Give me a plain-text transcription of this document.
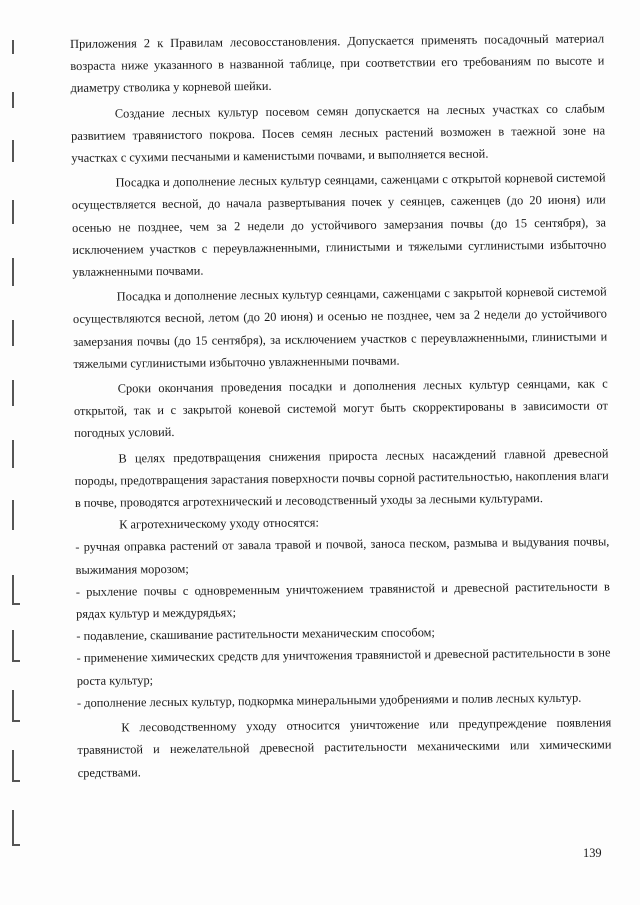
Приложения 2 к Правилам лесовосстановления. Допускается применять посадочный материал возраста ниже указанного в названной таблице, при соответствии его требованиям по высоте и диаметру стволика у корневой шейки.

Создание лесных культур посевом семян допускается на лесных участках со слабым развитием травянистого покрова. Посев семян лесных растений возможен в таежной зоне на участках с сухими песчаными и каменистыми почвами, и выполняется весной.

Посадка и дополнение лесных культур сеянцами, саженцами с открытой корневой системой осуществляется весной, до начала развертывания почек у сеянцев, саженцев (до 20 июня) или осенью не позднее, чем за 2 недели до устойчивого замерзания почвы (до 15 сентября), за исключением участков с переувлажненными, глинистыми и тяжелыми суглинистыми избыточно увлажненными почвами.

Посадка и дополнение лесных культур сеянцами, саженцами с закрытой корневой системой осуществляются весной, летом (до 20 июня) и осенью не позднее, чем за 2 недели до устойчивого замерзания почвы (до 15 сентября), за исключением участков с переувлажненными, глинистыми и тяжелыми суглинистыми избыточно увлажненными почвами.

Сроки окончания проведения посадки и дополнения лесных культур сеянцами, как с открытой, так и с закрытой коневой системой могут быть скорректированы в зависимости от погодных условий.

В целях предотвращения снижения прироста лесных насаждений главной древесной породы, предотвращения зарастания поверхности почвы сорной растительностью, накопления влаги в почве, проводятся агротехнический и лесоводственный уходы за лесными культурами.

К агротехническому уходу относятся:

- ручная оправка растений от завала травой и почвой, заноса песком, размыва и выдувания почвы, выжимания морозом;

- рыхление почвы с одновременным уничтожением травянистой и древесной растительности в рядах культур и междурядьях;

- подавление, скашивание растительности механическим способом;

- применение химических средств для уничтожения травянистой и древесной растительности в зоне роста культур;

- дополнение лесных культур, подкормка минеральными удобрениями и полив лесных культур.

К лесоводственному уходу относится уничтожение или предупреждение появления травянистой и нежелательной древесной растительности механическими или химическими средствами.

139
